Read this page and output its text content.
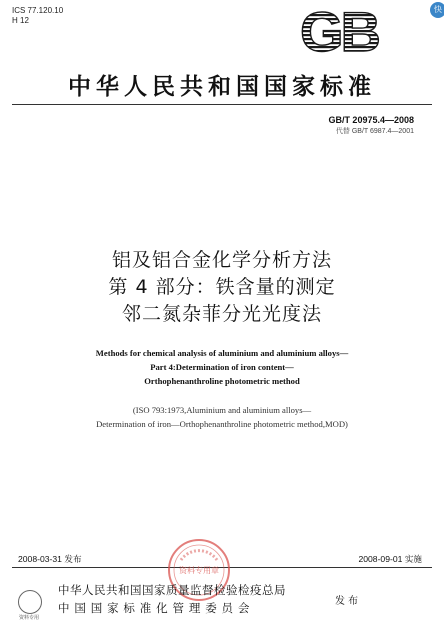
ICS 77.120.10
H 12	GB	快
中华人民共和国国家标准
GB/T 20975.4—2008
代替 GB/T 6987.4—2001
铝及铝合金化学分析方法
第 4 部分：铁含量的测定
邻二氮杂菲分光光度法
Methods for chemical analysis of aluminium and aluminium alloys—
Part 4:Determination of iron content—
Orthophenanthroline photometric method
(ISO 793:1973,Aluminium and aluminium alloys—
Determination of iron—Orthophenanthroline photometric method,MOD)
2008-03-31 发布	2008-09-01 实施
资料专用章
资料专用
中华人民共和国国家质量监督检验检疫总局
中 国 国 家 标 准 化 管 理 委 员 会	发布
